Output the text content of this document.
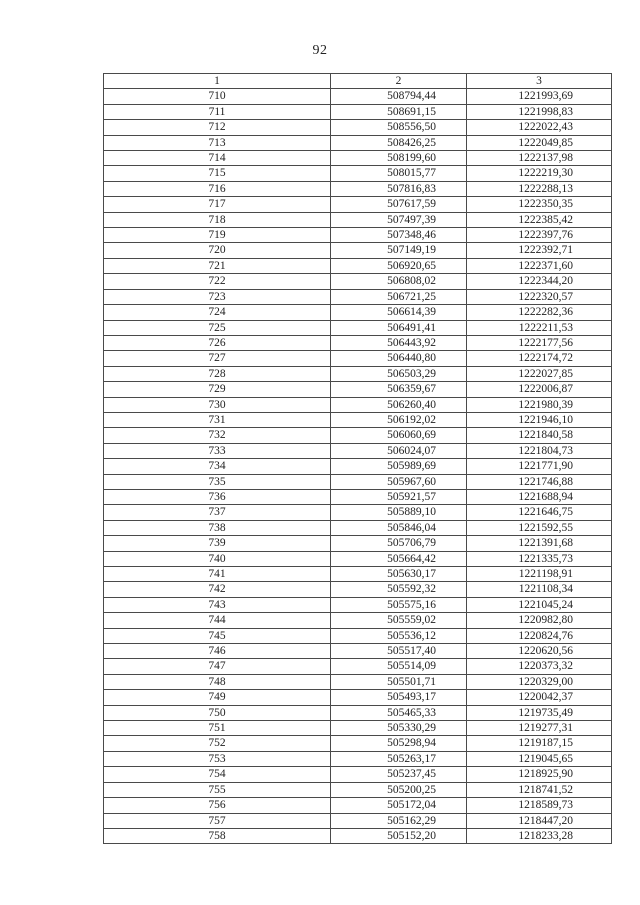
92
1	2	3
710	508794,44	1221993,69
711	508691,15	1221998,83
712	508556,50	1222022,43
713	508426,25	1222049,85
714	508199,60	1222137,98
715	508015,77	1222219,30
716	507816,83	1222288,13
717	507617,59	1222350,35
718	507497,39	1222385,42
719	507348,46	1222397,76
720	507149,19	1222392,71
721	506920,65	1222371,60
722	506808,02	1222344,20
723	506721,25	1222320,57
724	506614,39	1222282,36
725	506491,41	1222211,53
726	506443,92	1222177,56
727	506440,80	1222174,72
728	506503,29	1222027,85
729	506359,67	1222006,87
730	506260,40	1221980,39
731	506192,02	1221946,10
732	506060,69	1221840,58
733	506024,07	1221804,73
734	505989,69	1221771,90
735	505967,60	1221746,88
736	505921,57	1221688,94
737	505889,10	1221646,75
738	505846,04	1221592,55
739	505706,79	1221391,68
740	505664,42	1221335,73
741	505630,17	1221198,91
742	505592,32	1221108,34
743	505575,16	1221045,24
744	505559,02	1220982,80
745	505536,12	1220824,76
746	505517,40	1220620,56
747	505514,09	1220373,32
748	505501,71	1220329,00
749	505493,17	1220042,37
750	505465,33	1219735,49
751	505330,29	1219277,31
752	505298,94	1219187,15
753	505263,17	1219045,65
754	505237,45	1218925,90
755	505200,25	1218741,52
756	505172,04	1218589,73
757	505162,29	1218447,20
758	505152,20	1218233,28
